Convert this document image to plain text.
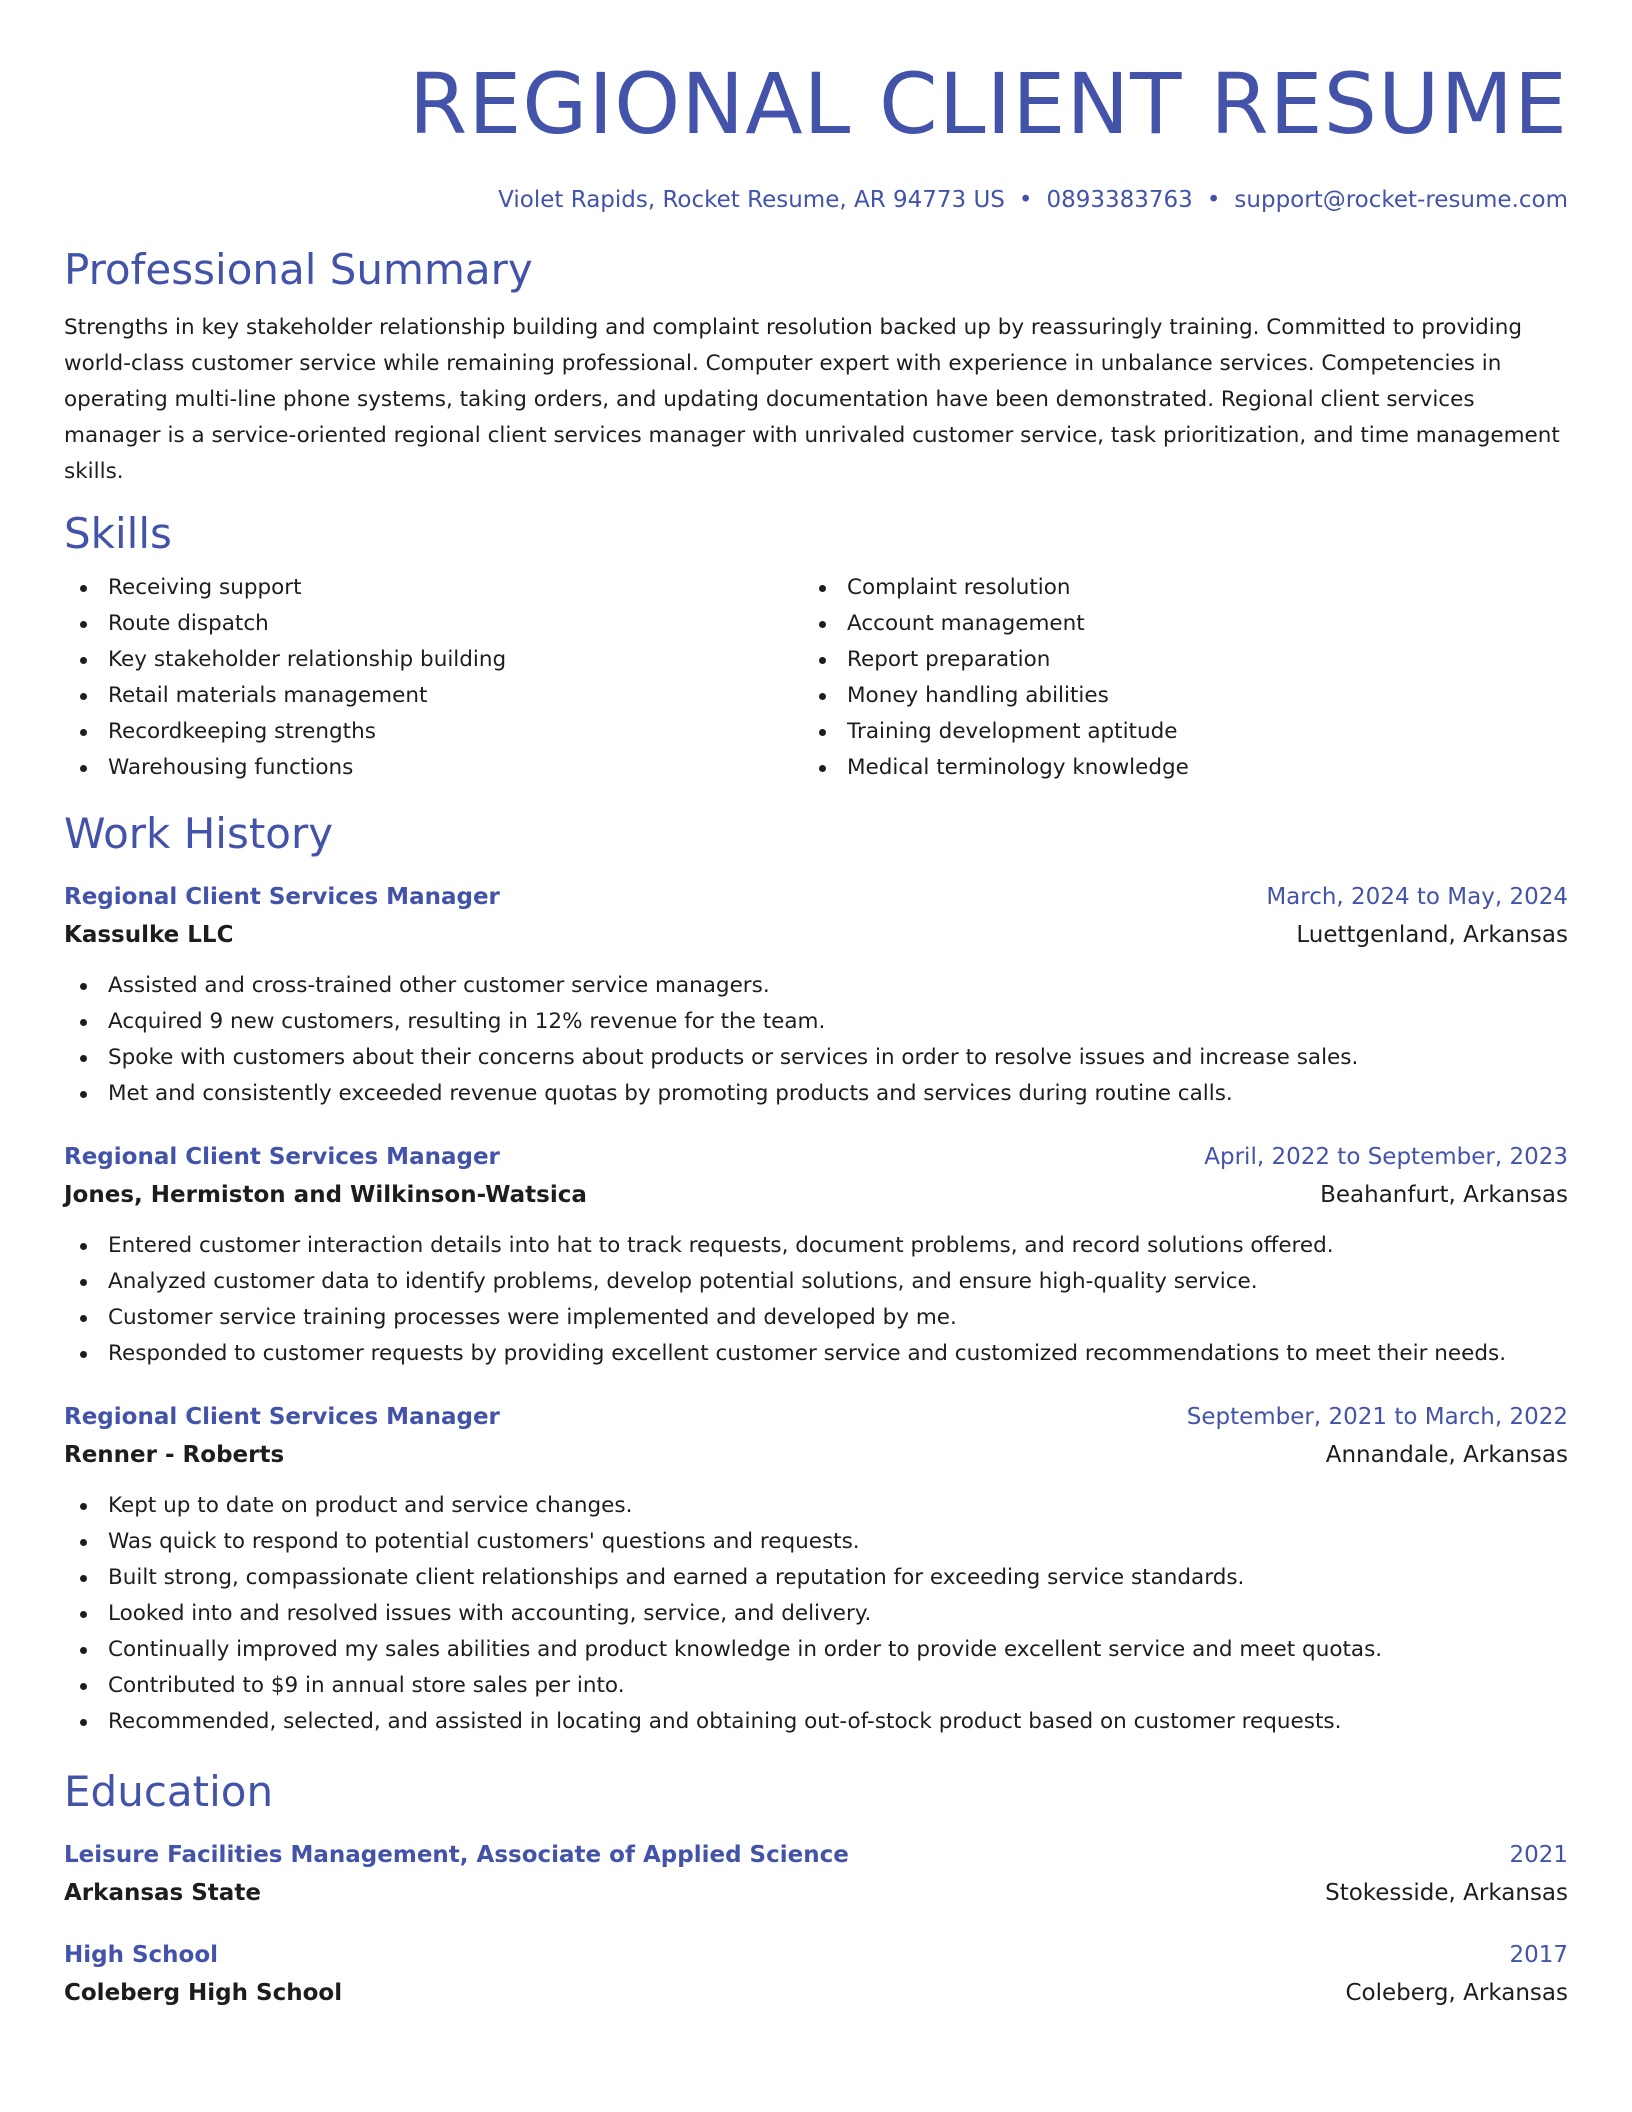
REGIONAL CLIENT RESUME
Violet Rapids, Rocket Resume, AR 94773 US • 0893383763 • support@rocket-resume.com
Professional Summary
Strengths in key stakeholder relationship building and complaint resolution backed up by reassuringly training. Committed to providing world-class customer service while remaining professional. Computer expert with experience in unbalance services. Competencies in operating multi-line phone systems, taking orders, and updating documentation have been demonstrated. Regional client services manager is a service-oriented regional client services manager with unrivaled customer service, task prioritization, and time management skills.
Skills
Receiving support
Route dispatch
Key stakeholder relationship building
Retail materials management
Recordkeeping strengths
Warehousing functions
Complaint resolution
Account management
Report preparation
Money handling abilities
Training development aptitude
Medical terminology knowledge
Work History
Regional Client Services Manager	March, 2024 to May, 2024
Kassulke LLC	Luettgenland, Arkansas
Assisted and cross-trained other customer service managers.
Acquired 9 new customers, resulting in 12% revenue for the team.
Spoke with customers about their concerns about products or services in order to resolve issues and increase sales.
Met and consistently exceeded revenue quotas by promoting products and services during routine calls.
Regional Client Services Manager	April, 2022 to September, 2023
Jones, Hermiston and Wilkinson-Watsica	Beahanfurt, Arkansas
Entered customer interaction details into hat to track requests, document problems, and record solutions offered.
Analyzed customer data to identify problems, develop potential solutions, and ensure high-quality service.
Customer service training processes were implemented and developed by me.
Responded to customer requests by providing excellent customer service and customized recommendations to meet their needs.
Regional Client Services Manager	September, 2021 to March, 2022
Renner - Roberts	Annandale, Arkansas
Kept up to date on product and service changes.
Was quick to respond to potential customers' questions and requests.
Built strong, compassionate client relationships and earned a reputation for exceeding service standards.
Looked into and resolved issues with accounting, service, and delivery.
Continually improved my sales abilities and product knowledge in order to provide excellent service and meet quotas.
Contributed to $9 in annual store sales per into.
Recommended, selected, and assisted in locating and obtaining out-of-stock product based on customer requests.
Education
Leisure Facilities Management, Associate of Applied Science	2021
Arkansas State	Stokesside, Arkansas
High School	2017
Coleberg High School	Coleberg, Arkansas
